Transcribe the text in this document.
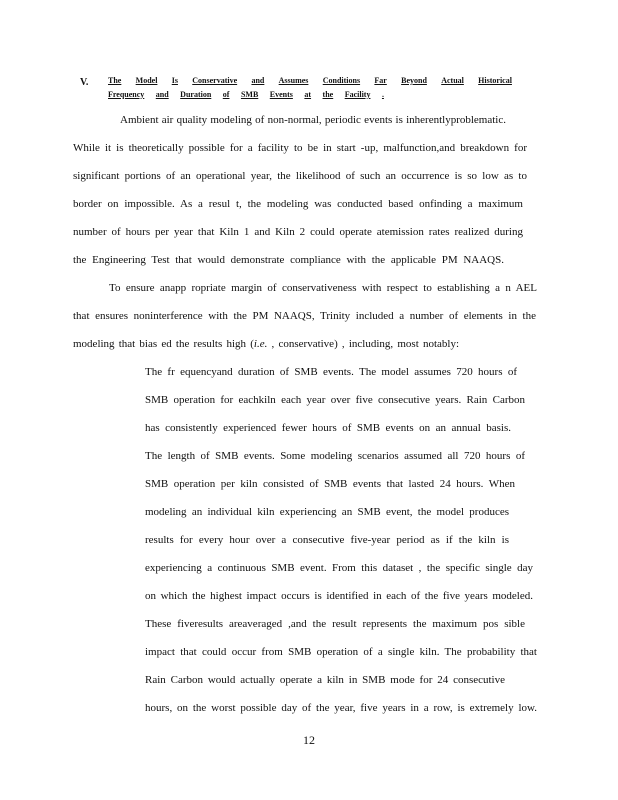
V. The Model Is Conservative and Assumes Conditions Far Beyond Actual Historical
Frequency and Duration of SMB Events at the Facility .
Ambient air quality modeling of non-normal, periodic events is inherentlyproblematic.
While it is theoretically possible for a facility to be in start -up, malfunction,and breakdown for
significant portions of an operational year, the likelihood of such an occurrence is so low as to
border on impossible. As a resul t, the modeling was conducted based onfinding a maximum
number of hours per year that Kiln 1 and Kiln 2 could operate atemission rates realized during
the Engineering Test that would demonstrate compliance with the applicable PM NAAQS.
To ensure anapp ropriate margin of conservativeness with respect to establishing a n AEL
that ensures noninterference with the PM NAAQS, Trinity included a number of elements in the
modeling that bias ed the results high (i.e. , conservative) , including, most notably:
The fr equencyand duration of SMB events. The model assumes 720 hours of
SMB operation for eachkiln each year over five consecutive years. Rain Carbon
has consistently experienced fewer hours of SMB events on an annual basis.
The length of SMB events. Some modeling scenarios assumed all 720 hours of
SMB operation per kiln consisted of SMB events that lasted 24 hours. When
modeling an individual kiln experiencing an SMB event, the model produces
results for every hour over a consecutive five-year period as if the kiln is
experiencing a continuous SMB event. From this dataset , the specific single day
on which the highest impact occurs is identified in each of the five years modeled.
These fiveresults areaveraged ,and the result represents the maximum pos sible
impact that could occur from SMB operation of a single kiln. The probability that
Rain Carbon would actually operate a kiln in SMB mode for 24 consecutive
hours, on the worst possible day of the year, five years in a row, is extremely low.
12
